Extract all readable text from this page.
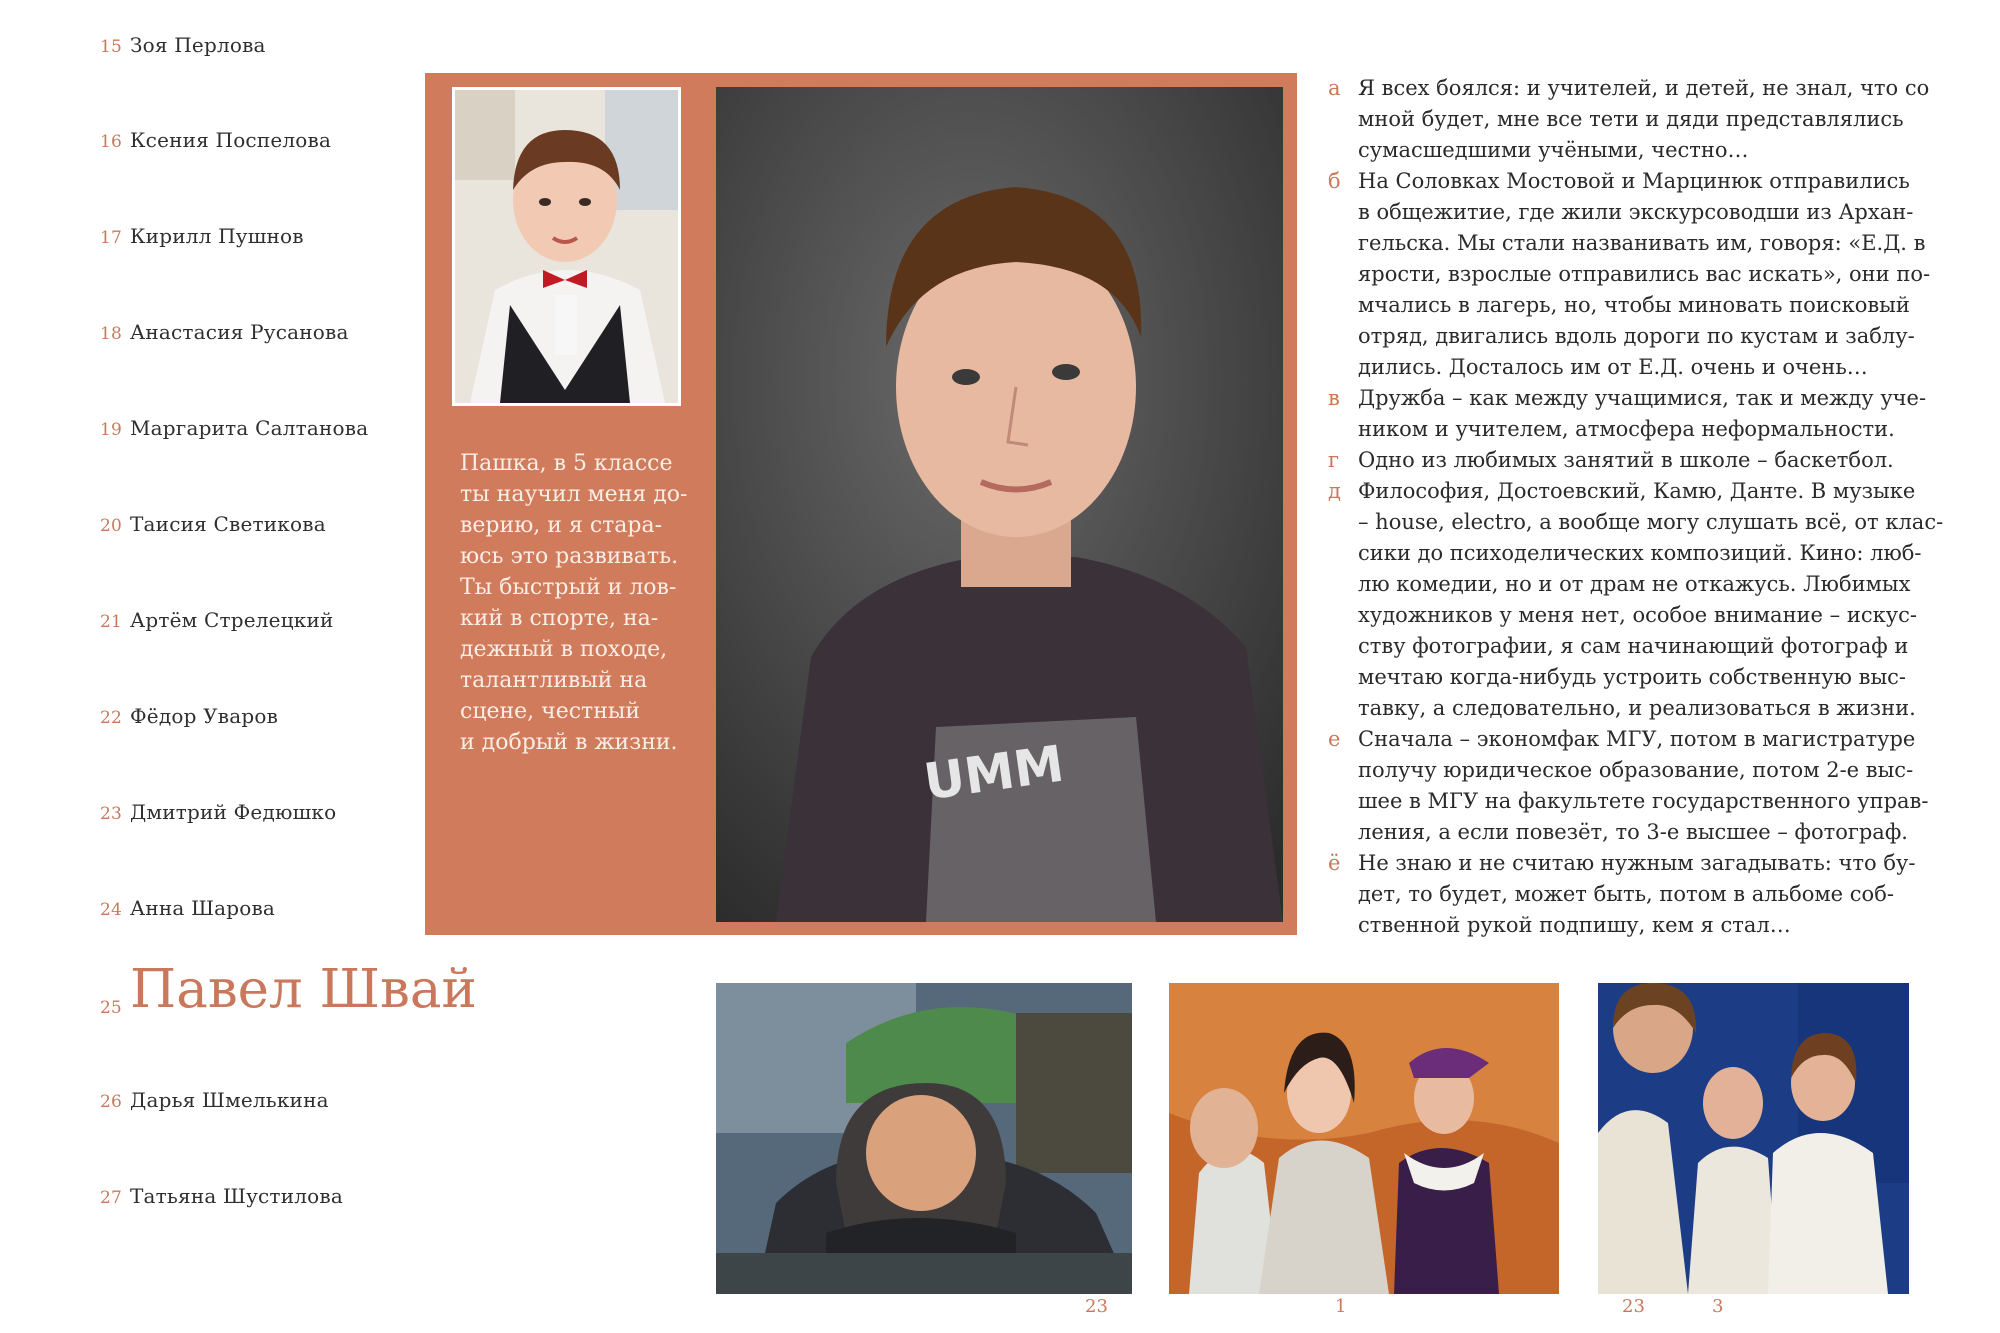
15 Зоя Перлова
16 Ксения Поспелова
17 Кирилл Пушнов
18 Анастасия Русанова
19 Маргарита Салтанова
20 Таисия Светикова
21 Артём Стрелецкий
22 Фёдор Уваров
23 Дмитрий Федюшко
24 Анна Шарова
25 Павел Швай
26 Дарья Шмелькина
27 Татьяна Шустилова
Пашка, в 5 классе
ты научил меня до-
верию, и я стара-
юсь это развивать.
Ты быстрый и лов-
кий в спорте, на-
дежный в походе,
талантливый на
сцене, честный
и добрый в жизни.	UMM
а Я всех боялся: и учителей, и детей, не знал, что со
мной будет, мне все тети и дяди представлялись
сумасшедшими учёными, честно…
б На Соловках Мостовой и Марцинюк отправились
в общежитие, где жили экскурсоводши из Архан-
гельска. Мы стали названивать им, говоря: «Е.Д. в
ярости, взрослые отправились вас искать», они по-
мчались в лагерь, но, чтобы миновать поисковый
отряд, двигались вдоль дороги по кустам и заблу-
дились. Досталось им от Е.Д. очень и очень…
в Дружба – как между учащимися, так и между уче-
ником и учителем, атмосфера неформальности.
г Одно из любимых занятий в школе – баскетбол.
д Философия, Достоевский, Камю, Данте. В музыке
– house, electro, а вообще могу слушать всё, от клас-
сики до психоделических композиций. Кино: люб-
лю комедии, но и от драм не откажусь. Любимых
художников у меня нет, особое внимание – искус-
ству фотографии, я сам начинающий фотограф и
мечтаю когда-нибудь устроить собственную выс-
тавку, а следовательно, и реализоваться в жизни.
е Сначала – экономфак МГУ, потом в магистратуре
получу юридическое образование, потом 2-е выс-
шее в МГУ на факультете государственного управ-
ления, а если повезёт, то 3-е высшее – фотограф.
ё Не знаю и не считаю нужным загадывать: что бу-
дет, то будет, может быть, потом в альбоме соб-
ственной рукой подпишу, кем я стал…
23	1	23	3
